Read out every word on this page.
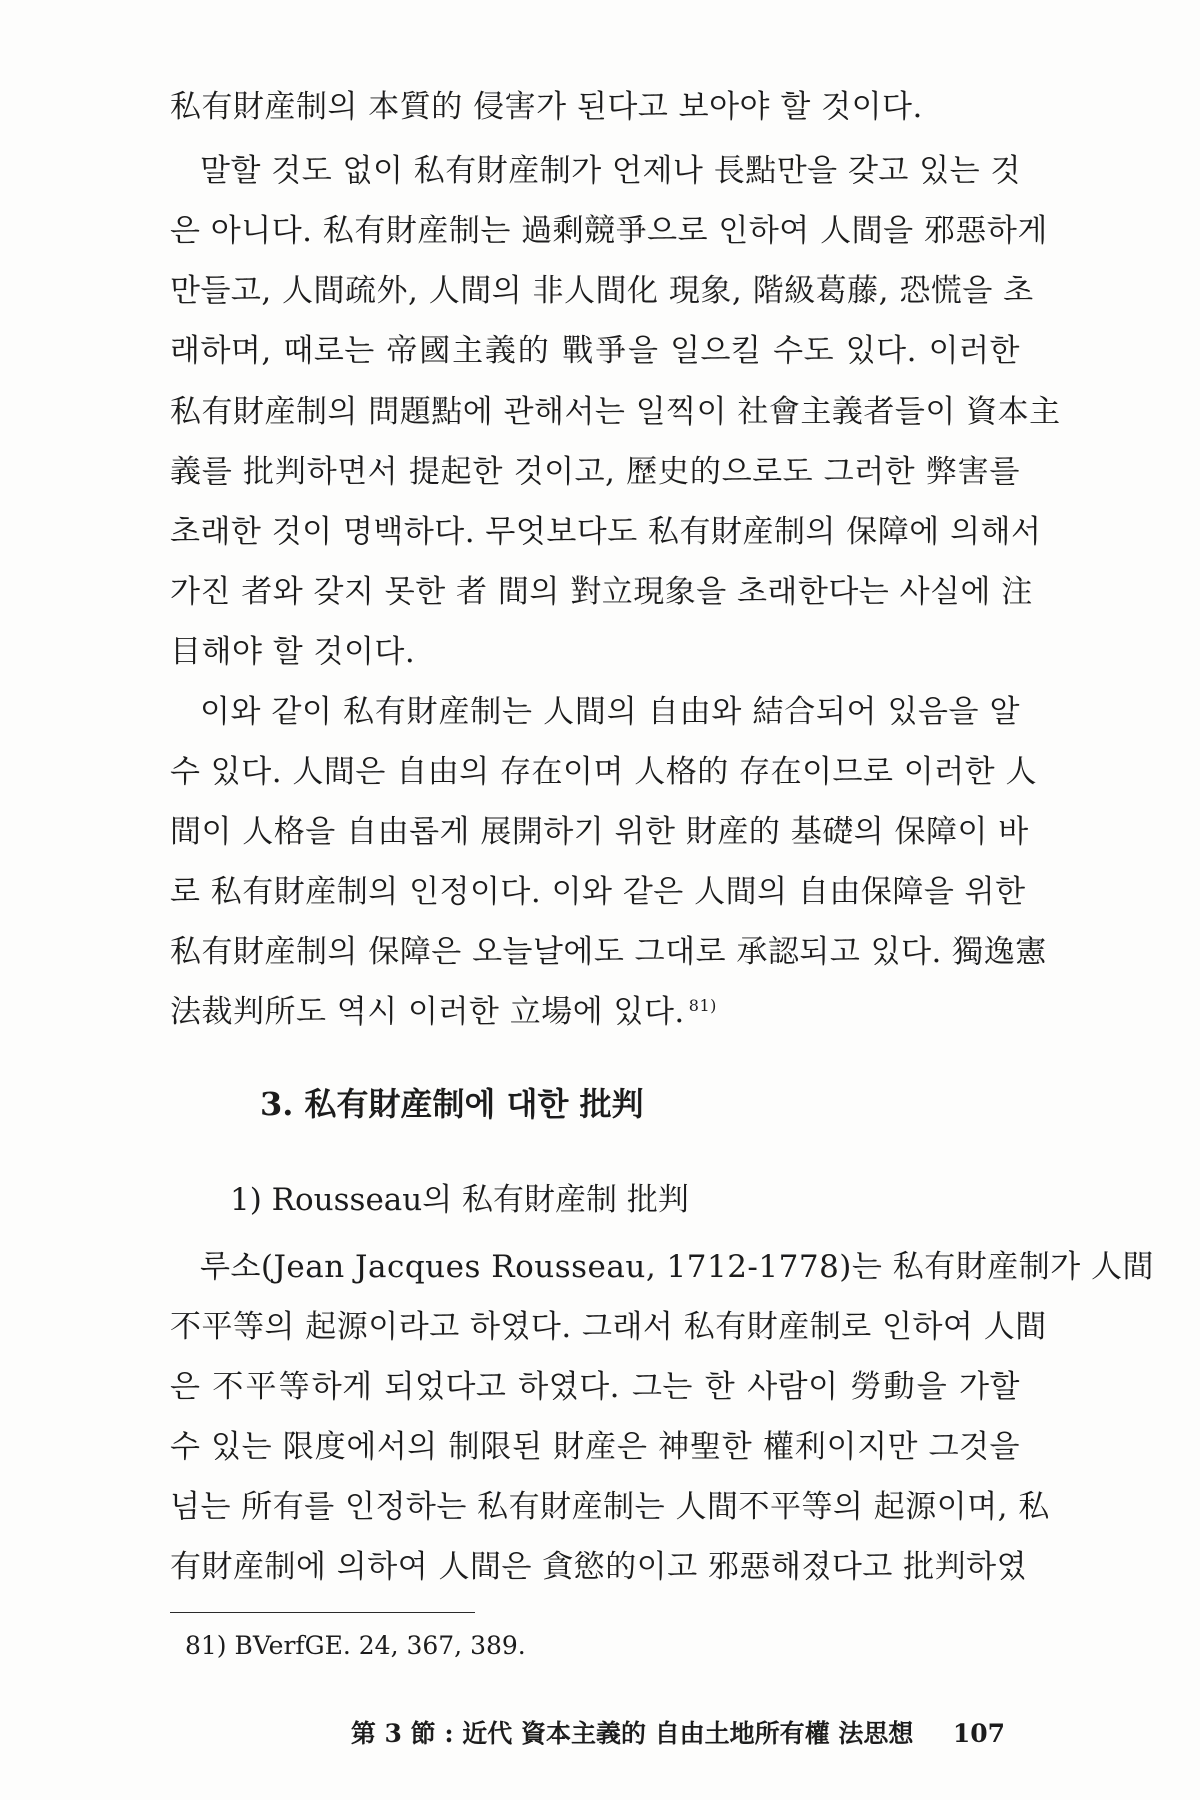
私有財産制의 本質的 侵害가 된다고 보아야 할 것이다.
말할 것도 없이 私有財産制가 언제나 長點만을 갖고 있는 것
은 아니다. 私有財産制는 過剩競爭으로 인하여 人間을 邪惡하게
만들고, 人間疏外, 人間의 非人間化 現象, 階級葛藤, 恐慌을 초
래하며, 때로는 帝國主義的 戰爭을 일으킬 수도 있다. 이러한
私有財産制의 問題點에 관해서는 일찍이 社會主義者들이 資本主
義를 批判하면서 提起한 것이고, 歷史的으로도 그러한 弊害를
초래한 것이 명백하다. 무엇보다도 私有財産制의 保障에 의해서
가진 者와 갖지 못한 者 間의 對立現象을 초래한다는 사실에 注
目해야 할 것이다.
이와 같이 私有財産制는 人間의 自由와 結合되어 있음을 알
수 있다. 人間은 自由의 存在이며 人格的 存在이므로 이러한 人
間이 人格을 自由롭게 展開하기 위한 財産的 基礎의 保障이 바
로 私有財産制의 인정이다. 이와 같은 人間의 自由保障을 위한
私有財産制의 保障은 오늘날에도 그대로 承認되고 있다. 獨逸憲
法裁判所도 역시 이러한 立場에 있다. $^{81)}$
3. 私有財産制에 대한 批判
1) Rousseau의 私有財産制 批判
루소(Jean Jacques Rousseau, 1712-1778)는 私有財産制가 人間
不平等의 起源이라고 하였다. 그래서 私有財産制로 인하여 人間
은 不平等하게 되었다고 하였다. 그는 한 사람이 勞動을 가할
수 있는 限度에서의 制限된 財産은 神聖한 權利이지만 그것을
넘는 所有를 인정하는 私有財産制는 人間不平等의 起源이며, 私
有財産制에 의하여 人間은 貪慾的이고 邪惡해졌다고 批判하였
81) BVerfGE. 24, 367, 389.
第 3 節 : 近代 資本主義的 自由土地所有權 法思想 107
